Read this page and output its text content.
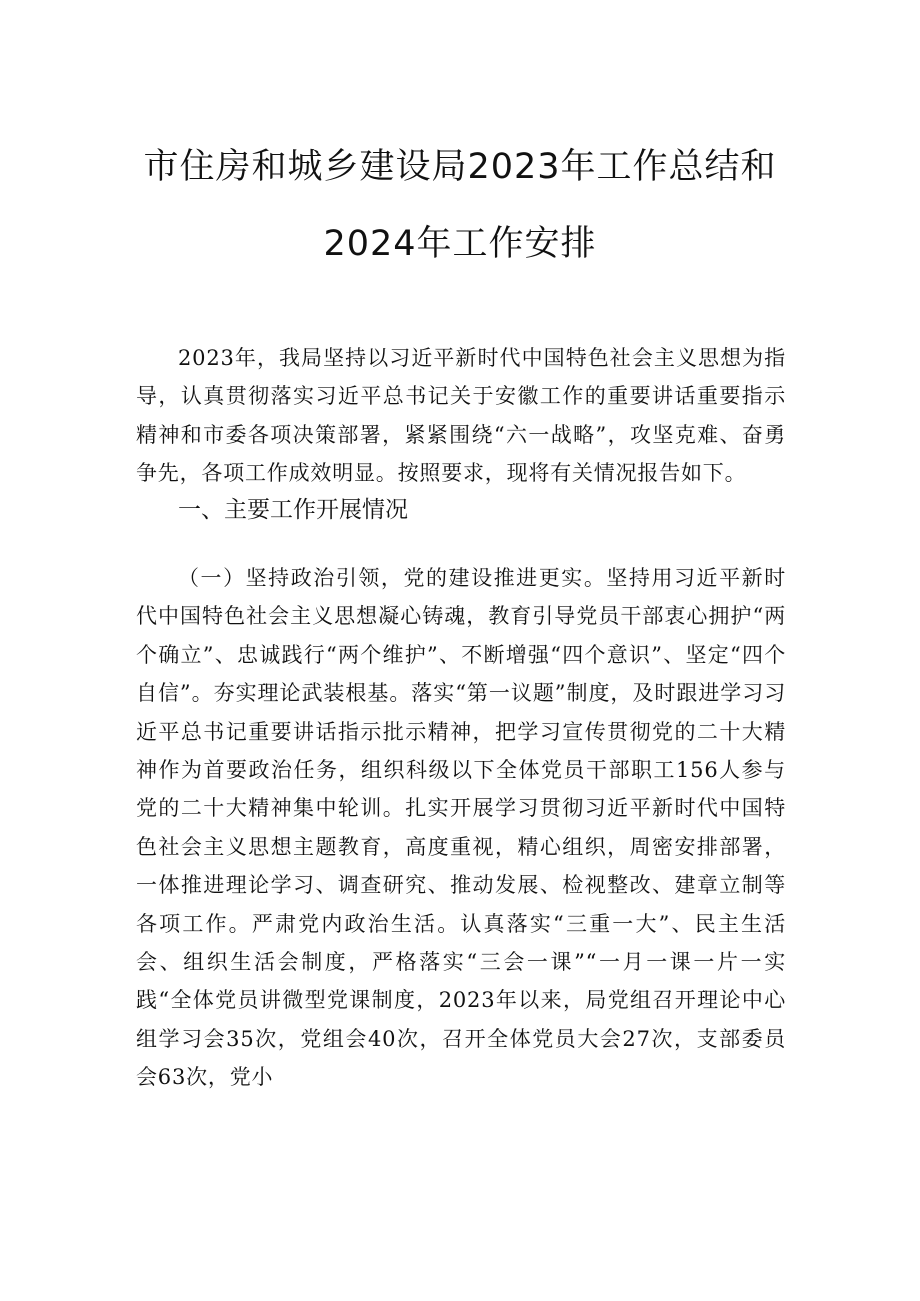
市住房和城乡建设局2023年工作总结和
2024年工作安排

2023年，我局坚持以习近平新时代中国特色社会主义思想为指导，认真贯彻落实习近平总书记关于安徽工作的重要讲话重要指示精神和市委各项决策部署，紧紧围绕“六一战略”，攻坚克难、奋勇争先，各项工作成效明显。按照要求，现将有关情况报告如下。

一、主要工作开展情况

（一）坚持政治引领，党的建设推进更实。坚持用习近平新时代中国特色社会主义思想凝心铸魂，教育引导党员干部衷心拥护“两个确立”、忠诚践行“两个维护”、不断增强“四个意识”、坚定“四个自信”。夯实理论武装根基。落实“第一议题”制度，及时跟进学习习近平总书记重要讲话指示批示精神，把学习宣传贯彻党的二十大精神作为首要政治任务，组织科级以下全体党员干部职工156人参与党的二十大精神集中轮训。扎实开展学习贯彻习近平新时代中国特色社会主义思想主题教育，高度重视，精心组织，周密安排部署，一体推进理论学习、调查研究、推动发展、检视整改、建章立制等各项工作。严肃党内政治生活。认真落实“三重一大”、民主生活会、组织生活会制度，严格落实“三会一课”“一月一课一片一实践“全体党员讲微型党课制度，2023年以来，局党组召开理论中心组学习会35次，党组会40次，召开全体党员大会27次，支部委员会63次，党小
